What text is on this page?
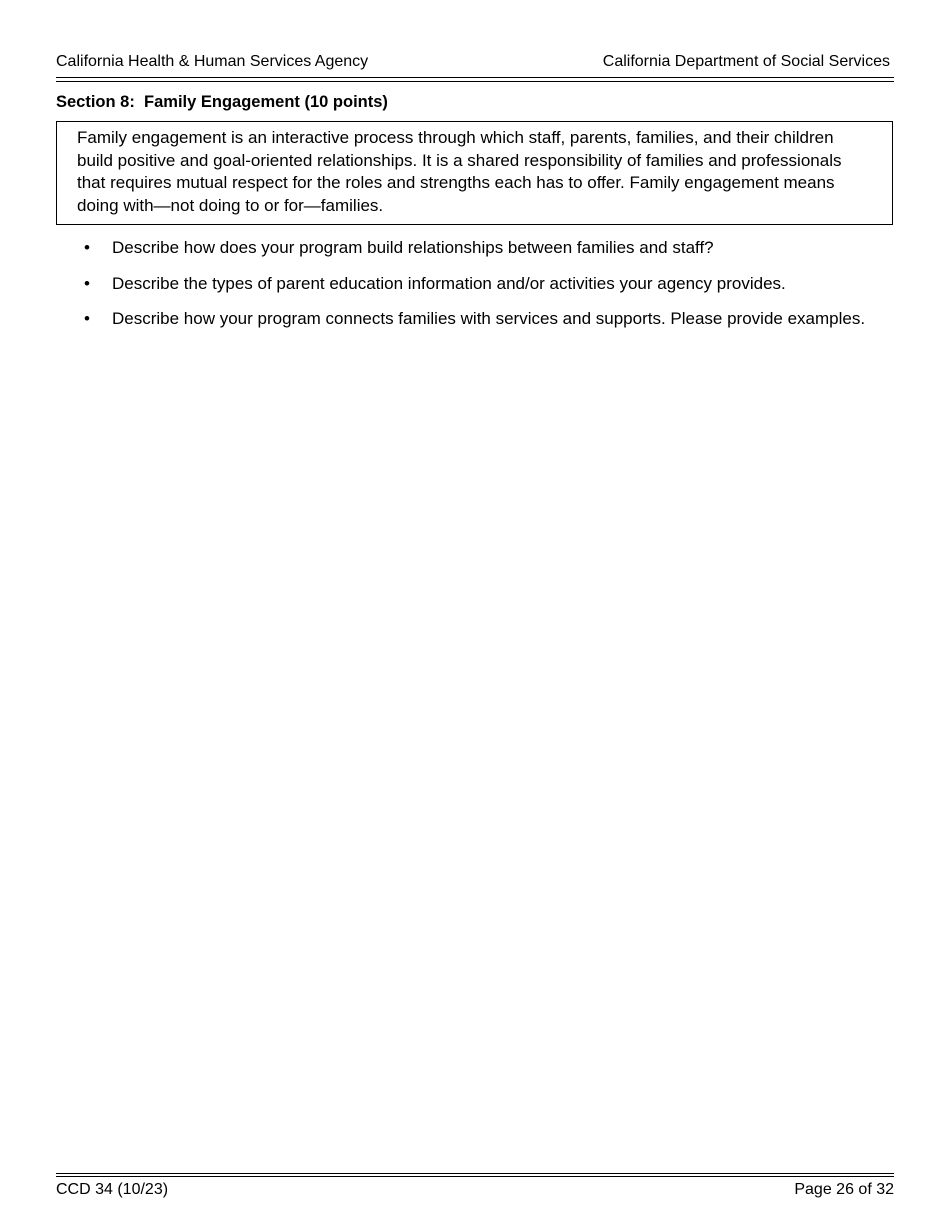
California Health & Human Services Agency	California Department of Social Services
Section 8:  Family Engagement (10 points)
Family engagement is an interactive process through which staff, parents, families, and their children build positive and goal-oriented relationships. It is a shared responsibility of families and professionals that requires mutual respect for the roles and strengths each has to offer. Family engagement means doing with—not doing to or for—families.
• Describe how does your program build relationships between families and staff?
• Describe the types of parent education information and/or activities your agency provides.
• Describe how your program connects families with services and supports. Please provide examples.
CCD 34 (10/23)	Page 26 of 32
